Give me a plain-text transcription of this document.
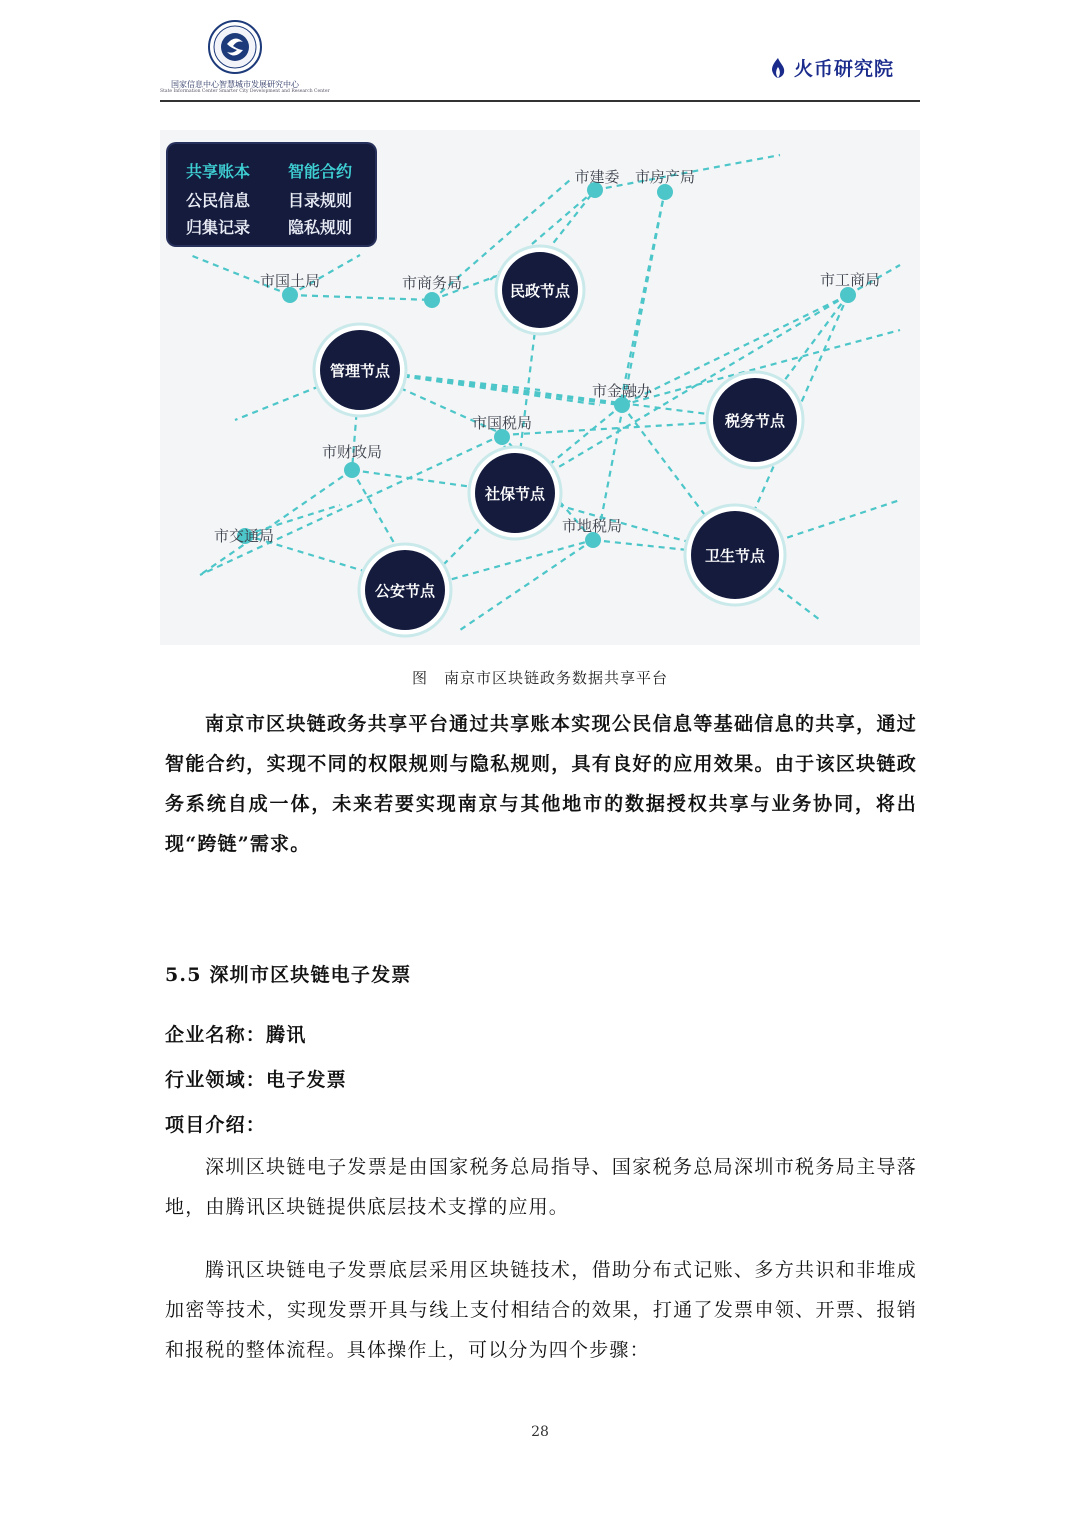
国家信息中心智慧城市发展研究中心
State Information Center Smarter City Development and Research Center
火币研究院
民政节点
管理节点
税务节点
社保节点
卫生节点
公安节点
市建委 市房产局
市国土局	市商务局	市工商局
市金融办
市国税局
市财政局
市交通局
市地税局
共享账本 智能合约
公民信息 目录规则
归集记录 隐私规则
图　南京市区块链政务数据共享平台
南京市区块链政务共享平台通过共享账本实现公民信息等基础信息的共享，通过智能合约，实现不同的权限规则与隐私规则，具有良好的应用效果。由于该区块链政务系统自成一体，未来若要实现南京与其他地市的数据授权共享与业务协同，将出现“跨链”需求。
5.5 深圳市区块链电子发票
企业名称：腾讯
行业领域：电子发票
项目介绍：
深圳区块链电子发票是由国家税务总局指导、国家税务总局深圳市税务局主导落地，由腾讯区块链提供底层技术支撑的应用。
腾讯区块链电子发票底层采用区块链技术，借助分布式记账、多方共识和非堆成加密等技术，实现发票开具与线上支付相结合的效果，打通了发票申领、开票、报销和报税的整体流程。具体操作上，可以分为四个步骤：
28
